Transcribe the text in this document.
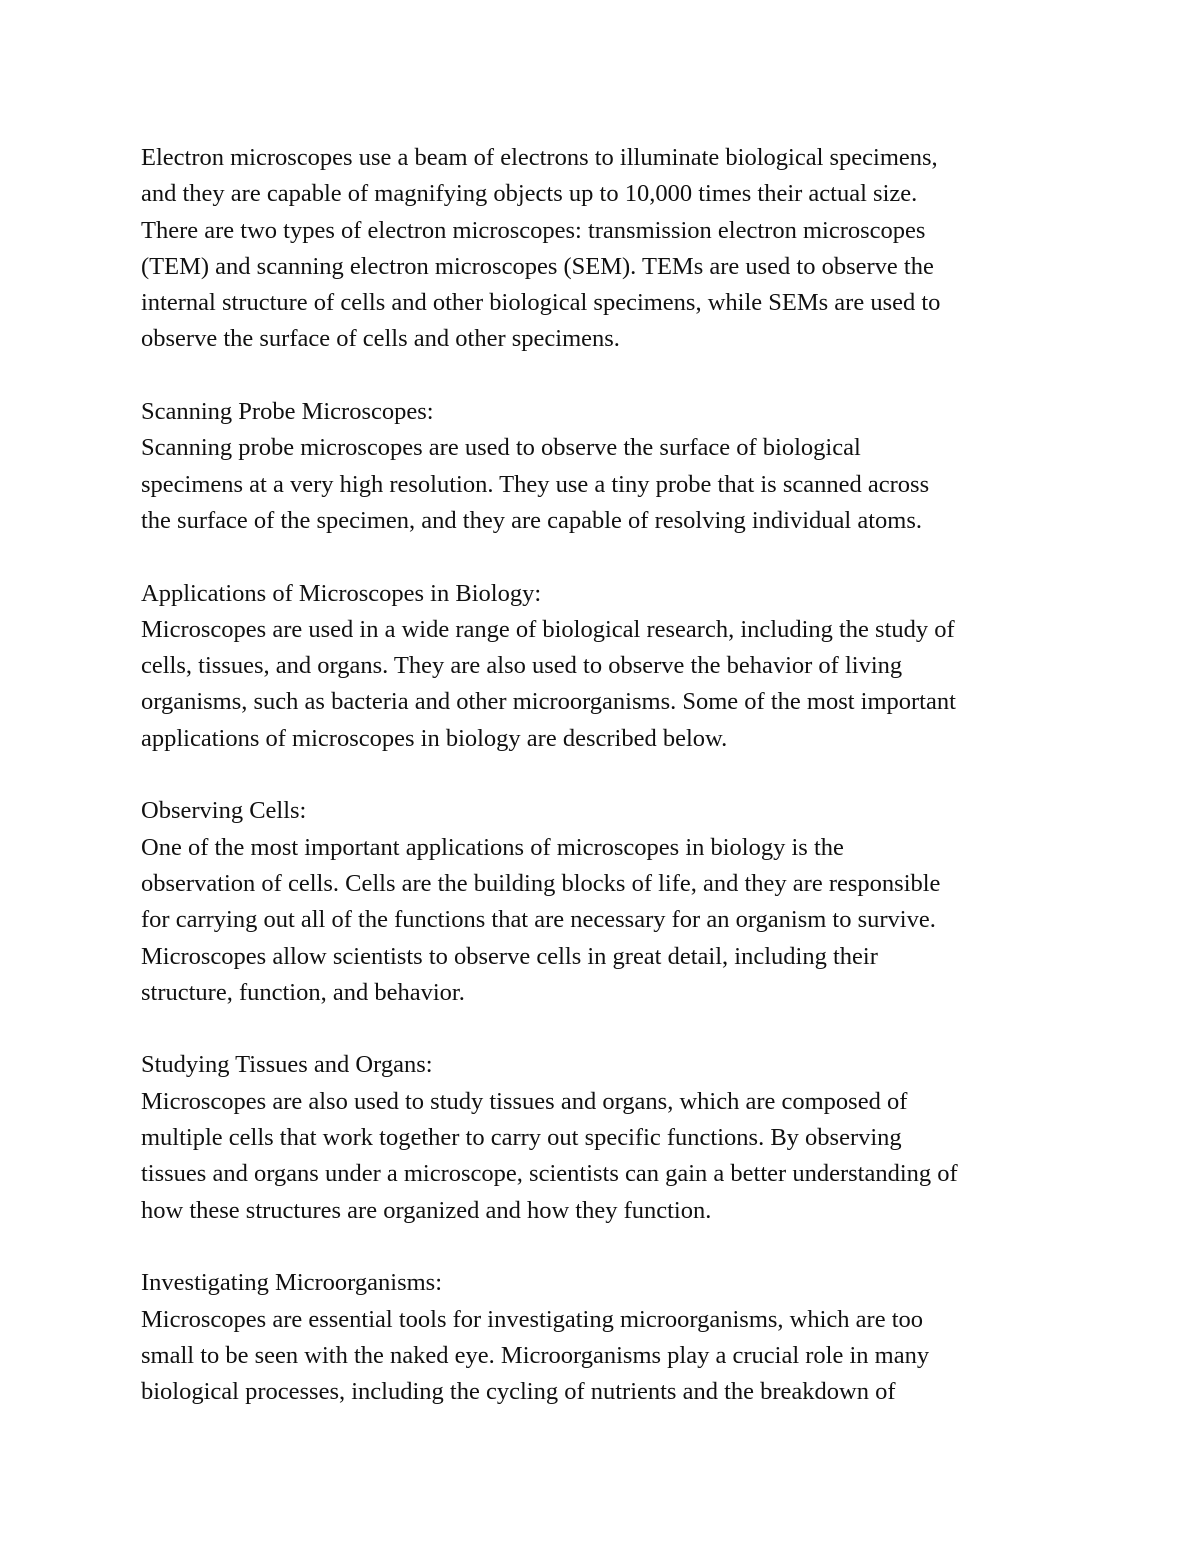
Electron microscopes use a beam of electrons to illuminate biological specimens,
and they are capable of magnifying objects up to 10,000 times their actual size.
There are two types of electron microscopes: transmission electron microscopes
(TEM) and scanning electron microscopes (SEM). TEMs are used to observe the
internal structure of cells and other biological specimens, while SEMs are used to
observe the surface of cells and other specimens.

Scanning Probe Microscopes:

Scanning probe microscopes are used to observe the surface of biological
specimens at a very high resolution. They use a tiny probe that is scanned across
the surface of the specimen, and they are capable of resolving individual atoms.

Applications of Microscopes in Biology:

Microscopes are used in a wide range of biological research, including the study of
cells, tissues, and organs. They are also used to observe the behavior of living
organisms, such as bacteria and other microorganisms. Some of the most important
applications of microscopes in biology are described below.

Observing Cells:

One of the most important applications of microscopes in biology is the
observation of cells. Cells are the building blocks of life, and they are responsible
for carrying out all of the functions that are necessary for an organism to survive.
Microscopes allow scientists to observe cells in great detail, including their
structure, function, and behavior.

Studying Tissues and Organs:

Microscopes are also used to study tissues and organs, which are composed of
multiple cells that work together to carry out specific functions. By observing
tissues and organs under a microscope, scientists can gain a better understanding of
how these structures are organized and how they function.

Investigating Microorganisms:

Microscopes are essential tools for investigating microorganisms, which are too
small to be seen with the naked eye. Microorganisms play a crucial role in many
biological processes, including the cycling of nutrients and the breakdown of
